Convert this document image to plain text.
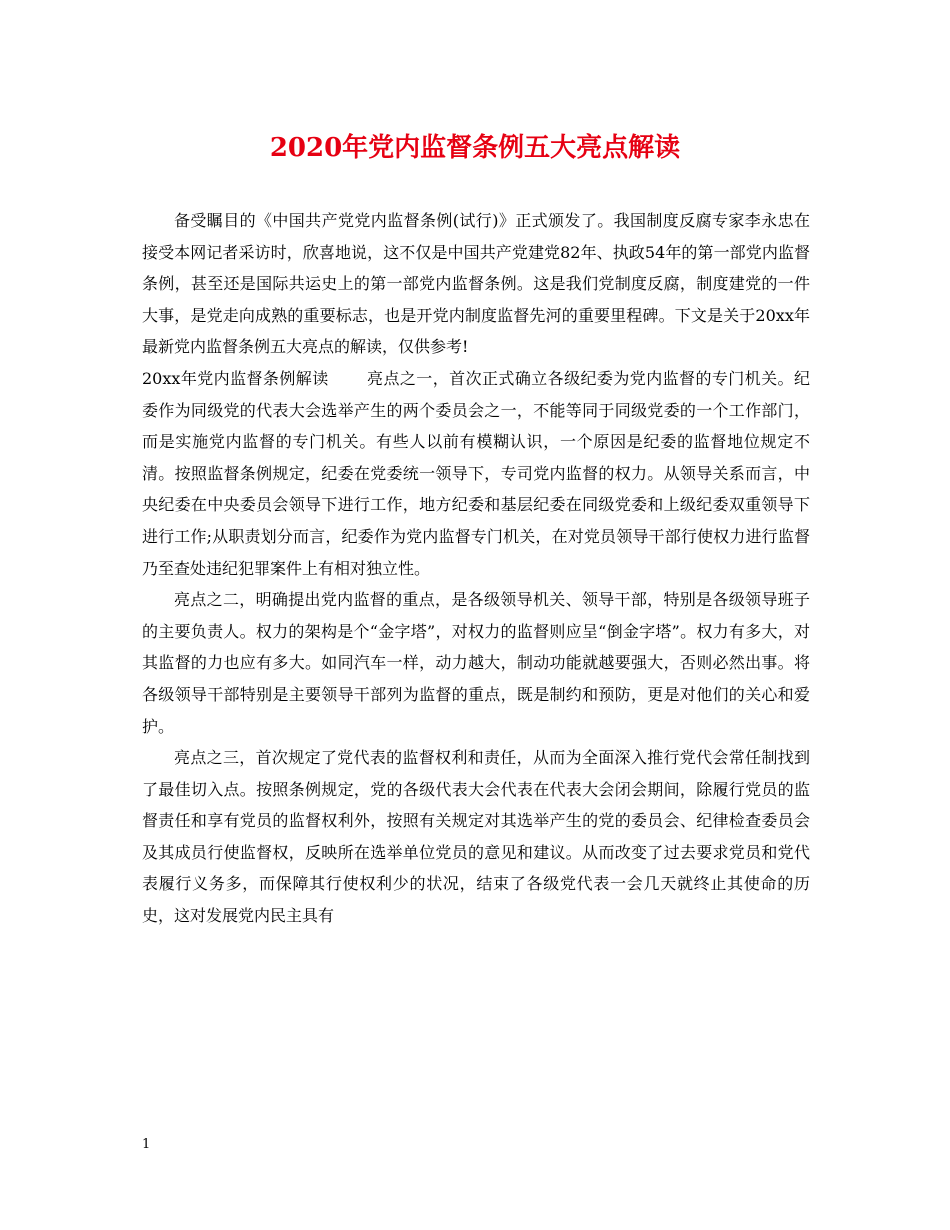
2020年党内监督条例五大亮点解读

备受瞩目的《中国共产党党内监督条例(试行)》正式颁发了。我国制度反腐专家李永忠在接受本网记者采访时，欣喜地说，这不仅是中国共产党建党82年、执政54年的第一部党内监督条例，甚至还是国际共运史上的第一部党内监督条例。这是我们党制度反腐，制度建党的一件大事，是党走向成熟的重要标志，也是开党内制度监督先河的重要里程碑。下文是关于20xx年最新党内监督条例五大亮点的解读，仅供参考!

20xx年党内监督条例解读 亮点之一，首次正式确立各级纪委为党内监督的专门机关。纪委作为同级党的代表大会选举产生的两个委员会之一，不能等同于同级党委的一个工作部门，而是实施党内监督的专门机关。有些人以前有模糊认识，一个原因是纪委的监督地位规定不清。按照监督条例规定，纪委在党委统一领导下，专司党内监督的权力。从领导关系而言，中央纪委在中央委员会领导下进行工作，地方纪委和基层纪委在同级党委和上级纪委双重领导下进行工作;从职责划分而言，纪委作为党内监督专门机关，在对党员领导干部行使权力进行监督乃至查处违纪犯罪案件上有相对独立性。

亮点之二，明确提出党内监督的重点，是各级领导机关、领导干部，特别是各级领导班子的主要负责人。权力的架构是个“金字塔”，对权力的监督则应呈“倒金字塔”。权力有多大，对其监督的力也应有多大。如同汽车一样，动力越大，制动功能就越要强大，否则必然出事。将各级领导干部特别是主要领导干部列为监督的重点，既是制约和预防，更是对他们的关心和爱护。

亮点之三，首次规定了党代表的监督权利和责任，从而为全面深入推行党代会常任制找到了最佳切入点。按照条例规定，党的各级代表大会代表在代表大会闭会期间，除履行党员的监督责任和享有党员的监督权利外，按照有关规定对其选举产生的党的委员会、纪律检查委员会及其成员行使监督权，反映所在选举单位党员的意见和建议。从而改变了过去要求党员和党代表履行义务多，而保障其行使权利少的状况，结束了各级党代表一会几天就终止其使命的历史，这对发展党内民主具有

1
